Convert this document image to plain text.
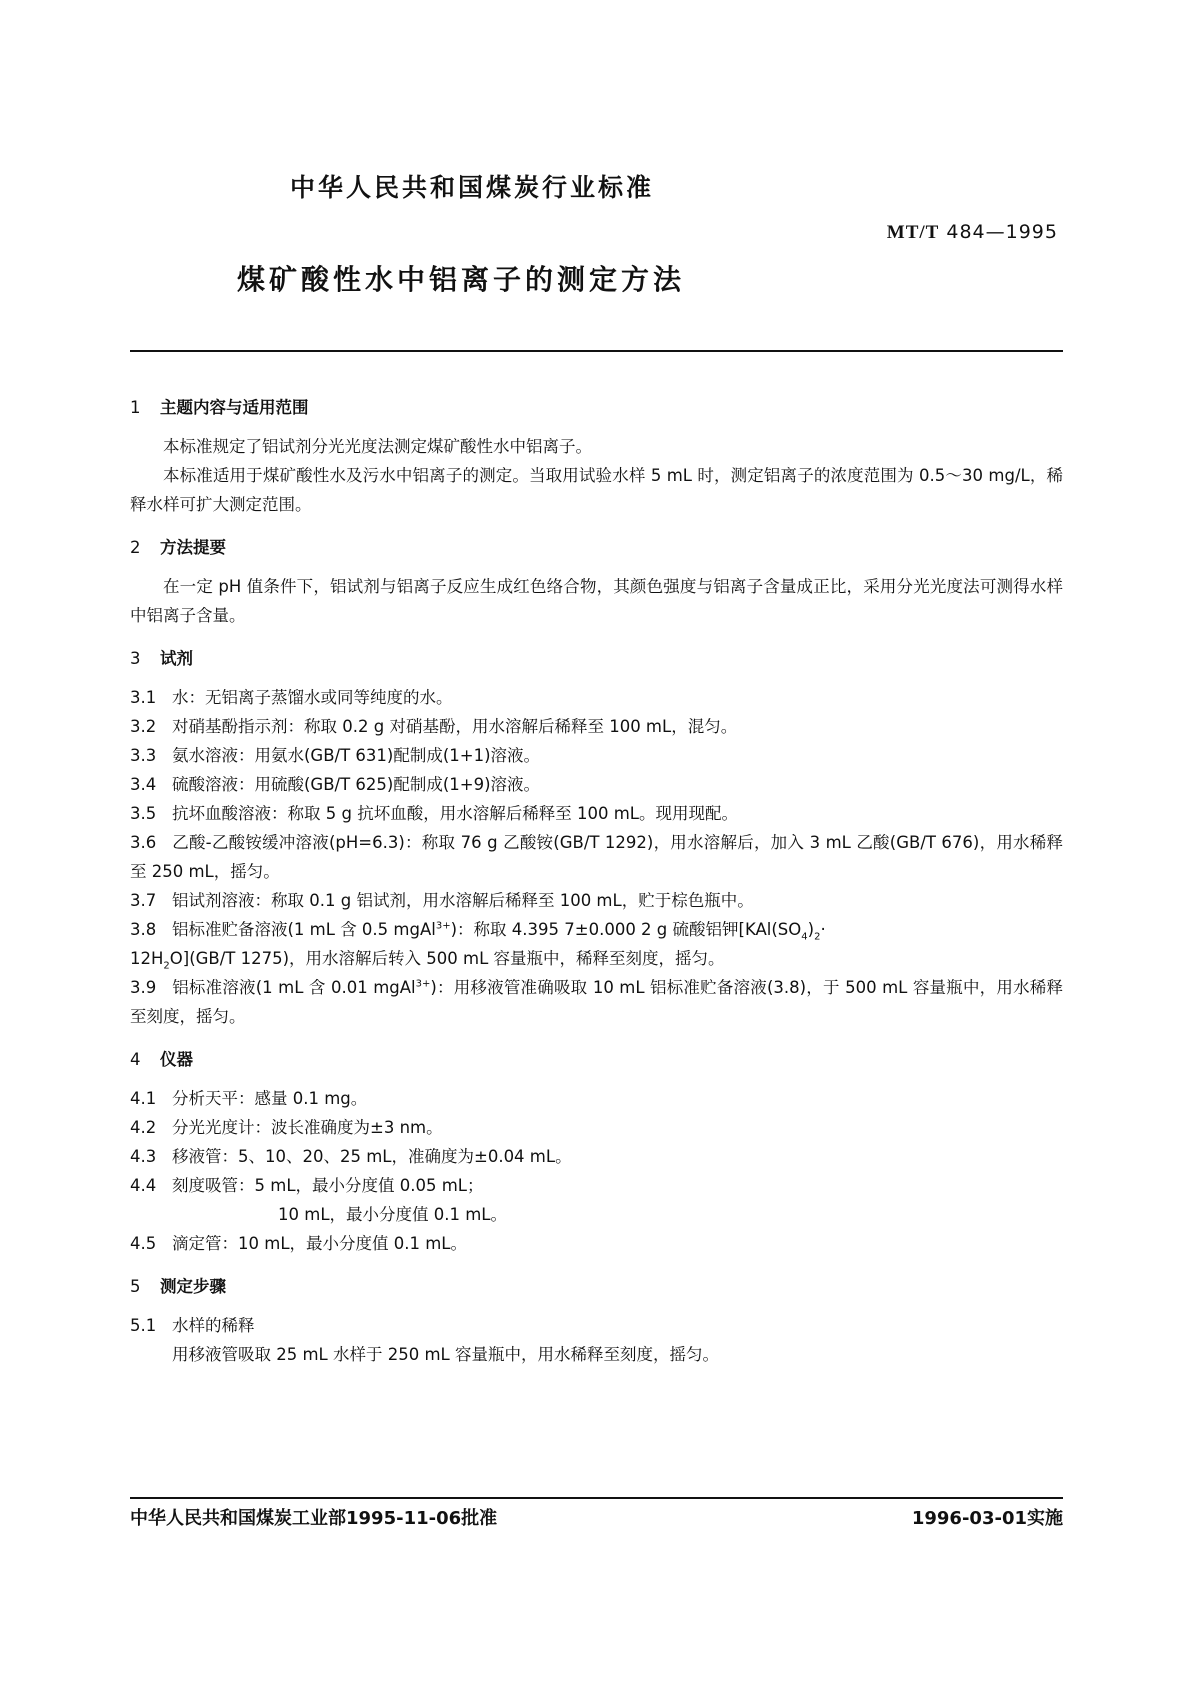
中华人民共和国煤炭行业标准
MT/T 484—1995
煤矿酸性水中铝离子的测定方法
1 主题内容与适用范围
本标准规定了铝试剂分光光度法测定煤矿酸性水中铝离子。
本标准适用于煤矿酸性水及污水中铝离子的测定。当取用试验水样 5 mL 时，测定铝离子的浓度范围为 0.5～30 mg/L，稀释水样可扩大测定范围。
2 方法提要
在一定 pH 值条件下，铝试剂与铝离子反应生成红色络合物，其颜色强度与铝离子含量成正比，采用分光光度法可测得水样中铝离子含量。
3 试剂
3.1 水：无铝离子蒸馏水或同等纯度的水。
3.2 对硝基酚指示剂：称取 0.2 g 对硝基酚，用水溶解后稀释至 100 mL，混匀。
3.3 氨水溶液：用氨水(GB/T 631)配制成(1+1)溶液。
3.4 硫酸溶液：用硫酸(GB/T 625)配制成(1+9)溶液。
3.5 抗坏血酸溶液：称取 5 g 抗坏血酸，用水溶解后稀释至 100 mL。现用现配。
3.6 乙酸-乙酸铵缓冲溶液(pH=6.3)：称取 76 g 乙酸铵(GB/T 1292)，用水溶解后，加入 3 mL 乙酸(GB/T 676)，用水稀释至 250 mL，摇匀。
3.7 铝试剂溶液：称取 0.1 g 铝试剂，用水溶解后稀释至 100 mL，贮于棕色瓶中。
3.8 铝标准贮备溶液(1 mL 含 0.5 mgAl$^{3+}$)：称取 4.395 7±0.000 2 g 硫酸铝钾[$KAl(SO_4)_2\cdot$
$12H_2O](GB/T$ 1275)，用水溶解后转入 500 mL 容量瓶中，稀释至刻度，摇匀。
3.9 铝标准溶液(1 mL 含 0.01 mgAl$^{3+}$)：用移液管准确吸取 10 mL 铝标准贮备溶液(3.8)，于 500 mL 容量瓶中，用水稀释至刻度，摇匀。
4 仪器
4.1 分析天平：感量 0.1 mg。
4.2 分光光度计：波长准确度为±3 nm。
4.3 移液管：5、10、20、25 mL，准确度为±0.04 mL。
4.4 刻度吸管：5 mL，最小分度值 0.05 mL；
10 mL，最小分度值 0.1 mL。
4.5 滴定管：10 mL，最小分度值 0.1 mL。
5 测定步骤
5.1 水样的稀释
用移液管吸取 25 mL 水样于 250 mL 容量瓶中，用水稀释至刻度，摇匀。
中华人民共和国煤炭工业部1995-11-06批准	1996-03-01实施
